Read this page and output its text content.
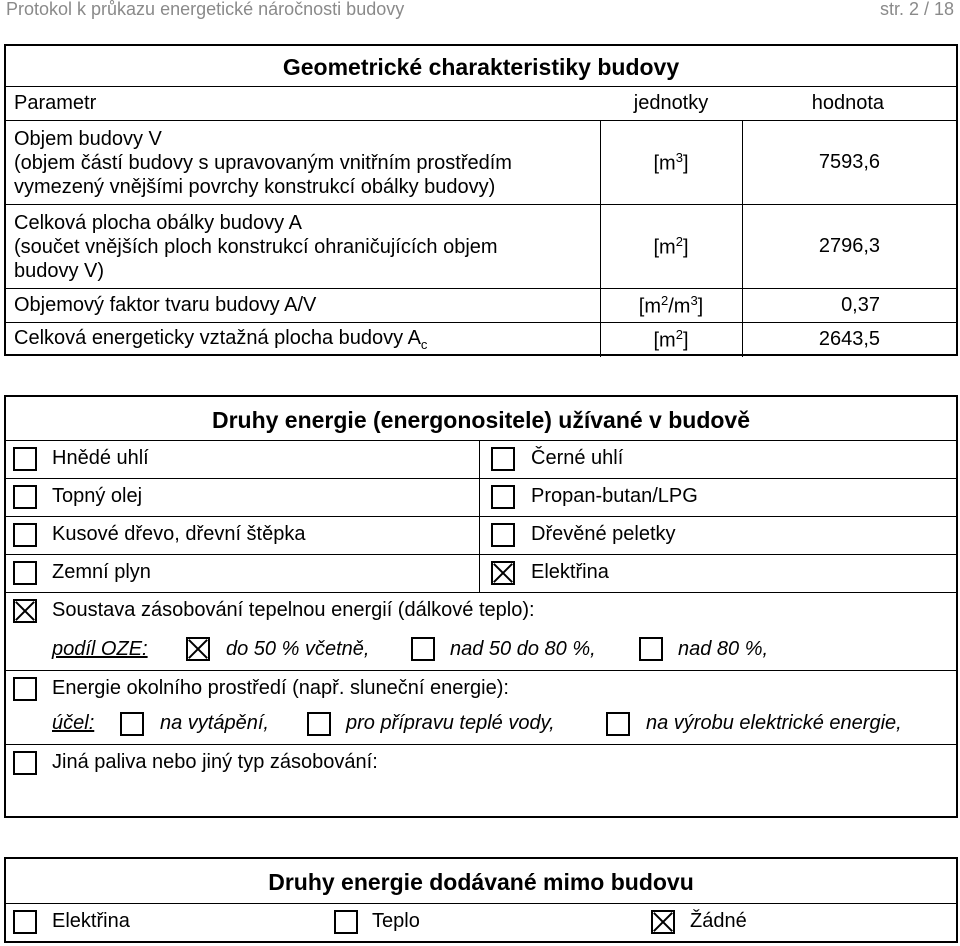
Protokol k průkazu energetické náročnosti budovy	str. 2 / 18
Geometrické charakteristiky budovy
Parametr	jednotky	hodnota

Objem budovy V
(objem částí budovy s upravovaným vnitřním prostředím
vymezený vnějšími povrchy konstrukcí obálky budovy)	$[m^3]$	7593,6

Celková plocha obálky budovy A
(součet vnějších ploch konstrukcí ohraničujících objem
budovy V)	$[m^2]$	2796,3
Objemový faktor tvaru budovy A/V	$[m^2/m^3]$	0,37
Celková energeticky vztažná plocha budovy $A_c$	$[m^2]$	2643,5
Druhy energie (energonositele) užívané v budově
Hnědé uhlí	Černé uhlí
Topný olej	Propan-butan/LPG
Kusové dřevo, dřevní štěpka	Dřevěné peletky
Zemní plyn	Elektřina
Soustava zásobování tepelnou energií (dálkové teplo):
podíl OZE:	do 50 % včetně,	nad 50 do 80 %,	nad 80 %,
Energie okolního prostředí (např. sluneční energie):
účel:	na vytápění,	pro přípravu teplé vody,	na výrobu elektrické energie,
Jiná paliva nebo jiný typ zásobování:
Druhy energie dodávané mimo budovu
Elektřina	Teplo	Žádné
